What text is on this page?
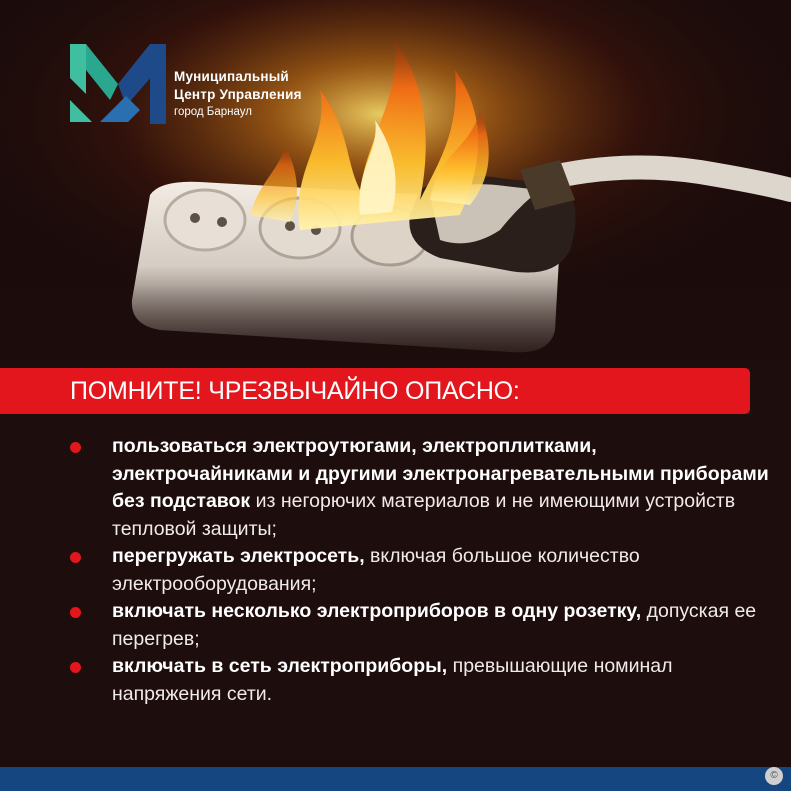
Муниципальный
Центр Управления
город Барнаул
ПОМНИТЕ! ЧРЕЗВЫЧАЙНО ОПАСНО:
пользоваться электроутюгами, электроплитками, электрочайниками и другими электронагревательными приборами без подставок из негорючих материалов и не имеющими устройств тепловой защиты;
перегружать электросеть, включая большое количество электрооборудования;
включать несколько электроприборов в одну розетку, допуская ее перегрев;
включать в сеть электроприборы, превышающие номинал напряжения сети.
©
